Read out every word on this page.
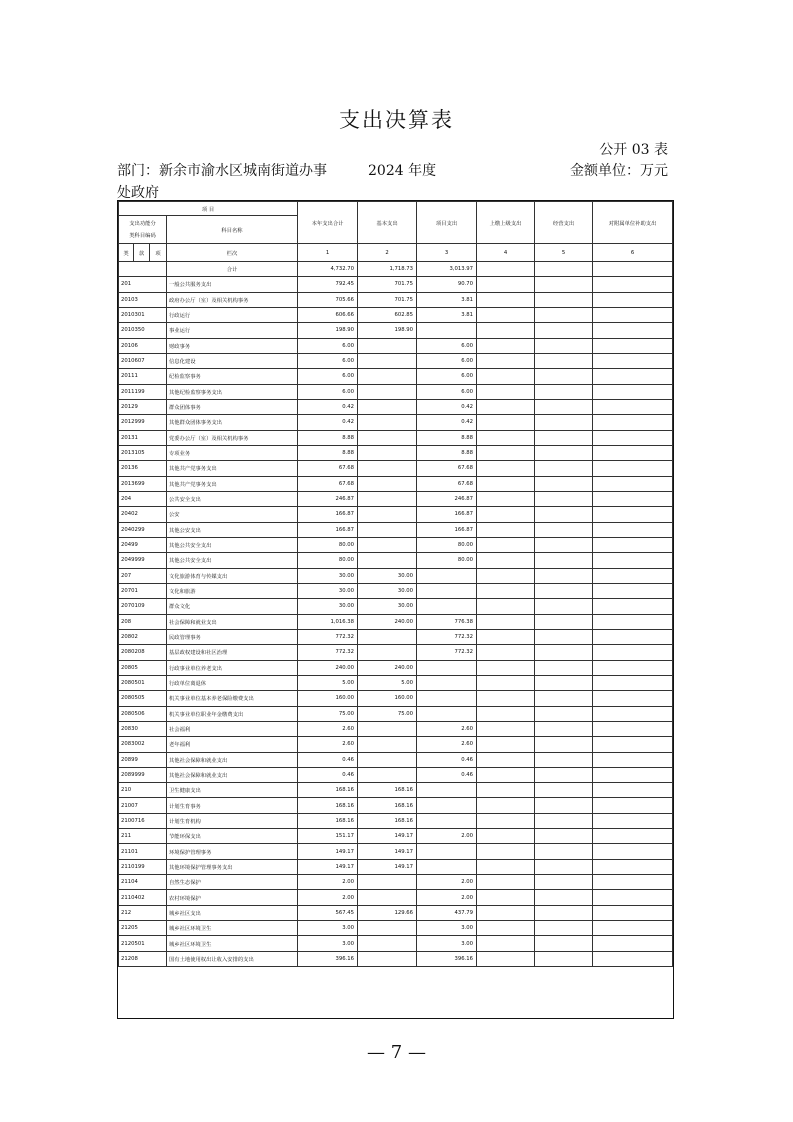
支出决算表
公开 03 表
部门：新余市渝水区城南街道办事处政府
2024 年度	金额单位：万元
项 目				本年支出合计	基本支出	项目支出	上缴上级支出	经营支出	对附属单位补助支出
支出功能分
类科目编码			科目名称						
类	款	项	栏次	1	2	3	4	5	6
			合计	4,732.70	1,718.73	3,013.97			
201			一般公共服务支出	792.45	701.75	90.70			
20103			政府办公厅（室）及相关机构事务	705.66	701.75	3.81			
2010301			行政运行	606.66	602.85	3.81			
2010350			事业运行	198.90	198.90				
20106			财政事务	6.00		6.00			
2010607			信息化建设	6.00		6.00			
20111			纪检监察事务	6.00		6.00			
2011199			其他纪检监察事务支出	6.00		6.00			
20129			群众团体事务	0.42		0.42			
2012999			其他群众团体事务支出	0.42		0.42			
20131			党委办公厅（室）及相关机构事务	8.88		8.88			
2013105			专项业务	8.88		8.88			
20136			其他共产党事务支出	67.68		67.68			
2013699			其他共产党事务支出	67.68		67.68			
204			公共安全支出	246.87		246.87			
20402			公安	166.87		166.87			
2040299			其他公安支出	166.87		166.87			
20499			其他公共安全支出	80.00		80.00			
2049999			其他公共安全支出	80.00		80.00			
207			文化旅游体育与传媒支出	30.00	30.00				
20701			文化和旅游	30.00	30.00				
2070109			群众文化	30.00	30.00				
208			社会保障和就业支出	1,016.38	240.00	776.38			
20802			民政管理事务	772.32		772.32			
2080208			基层政权建设和社区治理	772.32		772.32			
20805			行政事业单位养老支出	240.00	240.00				
2080501			行政单位离退休	5.00	5.00				
2080505			机关事业单位基本养老保险缴费支出	160.00	160.00				
2080506			机关事业单位职业年金缴费支出	75.00	75.00				
20830			社会福利	2.60		2.60			
2083002			老年福利	2.60		2.60			
20899			其他社会保障和就业支出	0.46		0.46			
2089999			其他社会保障和就业支出	0.46		0.46			
210			卫生健康支出	168.16	168.16				
21007			计划生育事务	168.16	168.16				
2100716			计划生育机构	168.16	168.16				
211			节能环保支出	151.17	149.17	2.00			
21101			环境保护管理事务	149.17	149.17				
2110199			其他环境保护管理事务支出	149.17	149.17				
21104			自然生态保护	2.00		2.00			
2110402			农村环境保护	2.00		2.00			
212			城乡社区支出	567.45	129.66	437.79			
21205			城乡社区环境卫生	3.00		3.00			
2120501			城乡社区环境卫生	3.00		3.00			
21208			国有土地使用权出让收入安排的支出	396.16		396.16			
— 7 —
